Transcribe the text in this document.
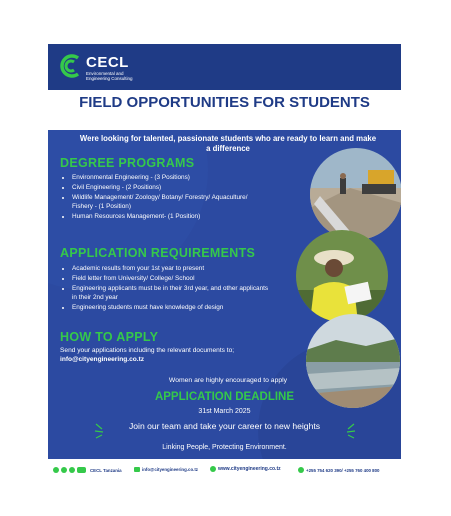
CECL
Environmental and Engineering Consulting
FIELD OPPORTUNITIES FOR STUDENTS
Were looking for talented, passionate students who are ready to learn and make a difference
DEGREE PROGRAMS
• Environmental Engineering - (3 Positions)
• Civil Engineering - (2 Positions)
• Wildlife Management/ Zoology/ Botany/ Forestry/ Aquaculture/ Fishery - (1 Position)
• Human Resources Management- (1 Position)
APPLICATION REQUIREMENTS
• Academic results from your 1st year to present
• Field letter from University/ College/ School
• Engineering applicants must be in their 3rd year, and other applicants in their 2nd year
• Engineering students must have knowledge of design
HOW TO APPLY
Send your applications including the relevant documents to;
info@cityengineering.co.tz
Women are highly encouraged to apply
APPLICATION DEADLINE
31st March 2025
Join our team and take your career to new heights
Linking People, Protecting Environment.
CECL Tanzania	info@cityengineering.co.tz	www.cityengineering.co.tz	+255 754 620 390/ +255 760 400 800
